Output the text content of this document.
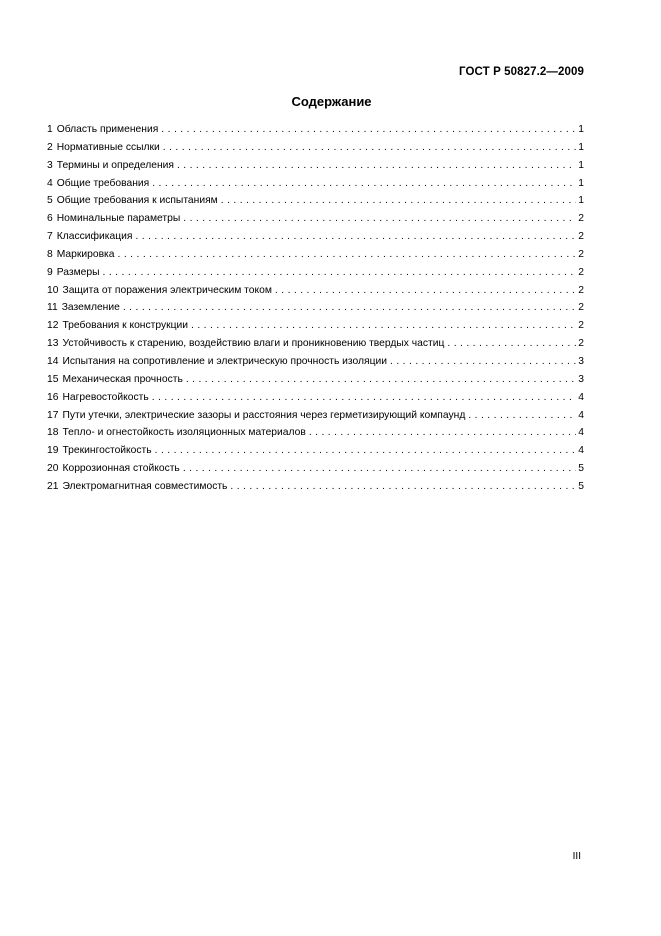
ГОСТ Р 50827.2—2009
Содержание
1 Область применения . . .	1
2 Нормативные ссылки . . .	1
3 Термины и определения . . .	1
4 Общие требования . . .	1
5 Общие требования к испытаниям . . .	1
6 Номинальные параметры . . .	2
7 Классификация . . .	2
8 Маркировка . . .	2
9 Размеры . . .	2
10 Защита от поражения электрическим током . . .	2
11 Заземление . . .	2
12 Требования к конструкции . . .	2
13 Устойчивость к старению, воздействию влаги и проникновению твердых частиц . . .	2
14 Испытания на сопротивление и электрическую прочность изоляции . . .	3
15 Механическая прочность . . .	3
16 Нагревостойкость . . .	4
17 Пути утечки, электрические зазоры и расстояния через герметизирующий компаунд . . .	4
18 Тепло- и огнестойкость изоляционных материалов . . .	4
19 Трекингостойкость . . .	4
20 Коррозионная стойкость . . .	5
21 Электромагнитная совместимость . . .	5
III
